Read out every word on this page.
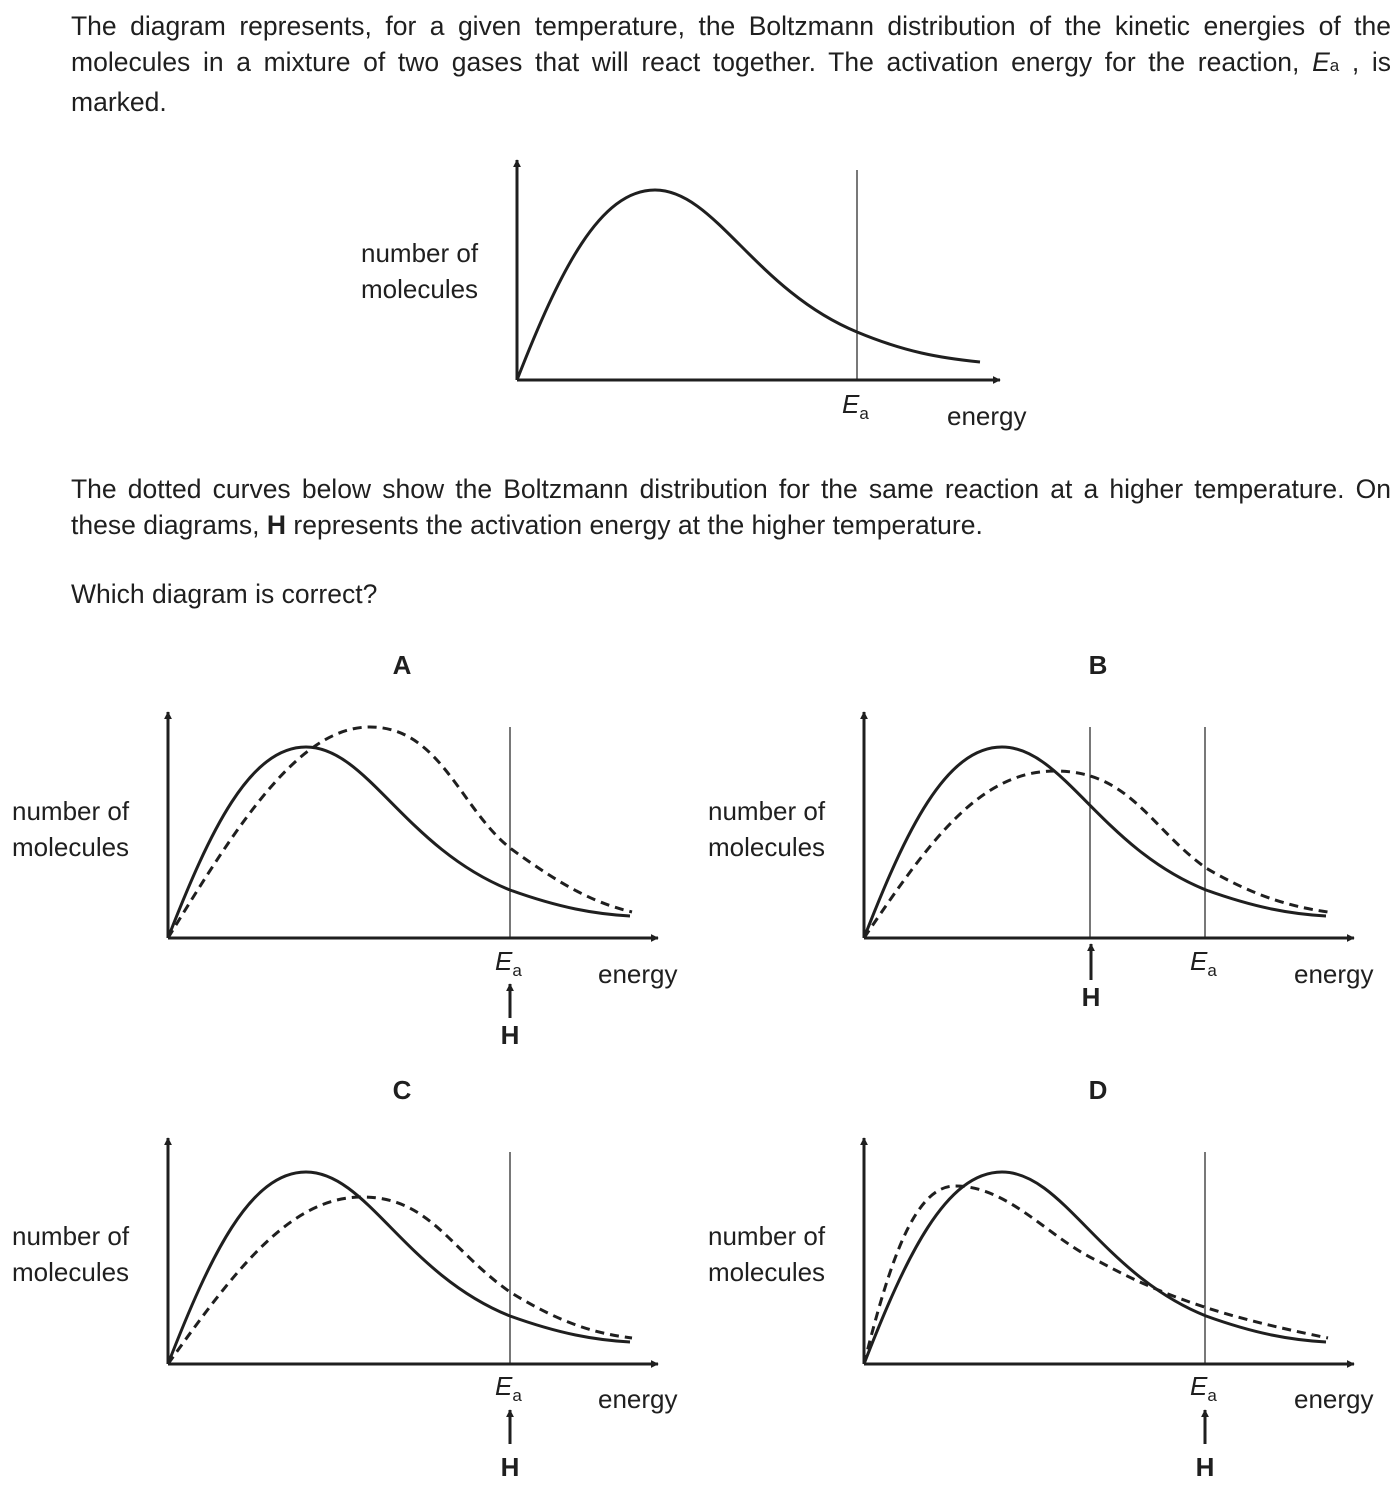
The diagram represents, for a given temperature, the Boltzmann distribution of the kinetic energies of the molecules in a mixture of two gases that will react together. The activation energy for the reaction, Ea , is marked.

The dotted curves below show the Boltzmann distribution for the same reaction at a higher temperature. On these diagrams, H represents the activation energy at the higher temperature.

Which diagram is correct?

number of
molecules
energy
Ea
A
number of
molecules
energy
Ea
H
B
number of
molecules
energy
Ea
H
C
number of
molecules
energy
Ea
H
D
number of
molecules
energy
Ea
H
